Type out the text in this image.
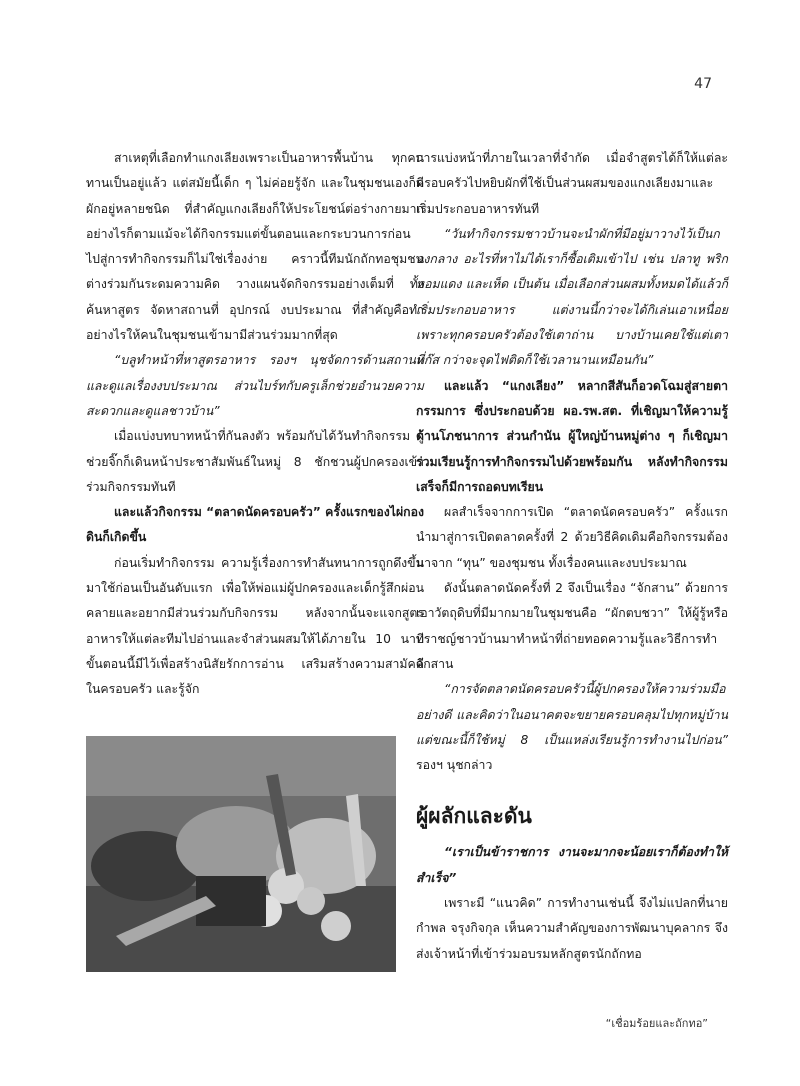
47

สาเหตุที่เลือกทำแกงเลียงเพราะเป็นอาหารพื้นบ้าน ทุกคนทานเป็นอยู่แล้ว แต่สมัยนี้เด็ก ๆ ไม่ค่อยรู้จัก และในชุมชนเองก็มีผักอยู่หลายชนิด ที่สำคัญแกงเลียงก็ให้ประโยชน์ต่อร่างกายมาก อย่างไรก็ตามแม้จะได้กิจกรรมแต่ขั้นตอนและกระบวนการก่อนไปสู่การทำกิจกรรมก็ไม่ใช่เรื่องง่าย คราวนี้ทีมนักถักทอชุมชนต่างร่วมกันระดมความคิด วางแผนจัดกิจกรรมอย่างเต็มที่ ทั้งค้นหาสูตร จัดหาสถานที่ อุปกรณ์ งบประมาณ ที่สำคัญคือทำอย่างไรให้คนในชุมชนเข้ามามีส่วนร่วมมากที่สุด

“บลูทำหน้าที่หาสูตรอาหาร รองฯ นุชจัดการด้านสถานที่และดูแลเรื่องงบประมาณ ส่วนไบร์ทกับครูเล็กช่วยอำนวยความสะดวกและดูแลชาวบ้าน”

เมื่อแบ่งบทบาทหน้าที่กันลงตัว พร้อมกับได้วันทำกิจกรรม ผู้ช่วยจิ๊กก็เดินหน้าประชาสัมพันธ์ในหมู่ 8 ชักชวนผู้ปกครองเข้าร่วมกิจกรรมทันที

และแล้วกิจกรรม “ตลาดนัดครอบครัว” ครั้งแรกของไผ่กองดินก็เกิดขึ้น

ก่อนเริ่มทำกิจกรรม ความรู้เรื่องการทำสันทนาการถูกดึงขึ้นมาใช้ก่อนเป็นอันดับแรก เพื่อให้พ่อแม่ผู้ปกครองและเด็กรู้สึกผ่อนคลายและอยากมีส่วนร่วมกับกิจกรรม หลังจากนั้นจะแจกสูตรอาหารให้แต่ละทีมไปอ่านและจำส่วนผสมให้ได้ภายใน 10 นาที ขั้นตอนนี้มีไว้เพื่อสร้างนิสัยรักการอ่าน เสริมสร้างความสามัคคีในครอบครัว และรู้จัก

การแบ่งหน้าที่ภายในเวลาที่จำกัด เมื่อจำสูตรได้ก็ให้แต่ละครอบครัวไปหยิบผักที่ใช้เป็นส่วนผสมของแกงเลียงมาและเริ่มประกอบอาหารทันที

“วันทำกิจกรรมชาวบ้านจะนำผักที่มีอยู่มาวางไว้เป็นกองกลาง อะไรที่หาไม่ได้เราก็ซื้อเติมเข้าไป เช่น ปลาทู พริก หอมแดง และเห็ด เป็นต้น เมื่อเลือกส่วนผสมทั้งหมดได้แล้วก็เริ่มประกอบอาหาร แต่งานนี้กว่าจะได้กิเล่นเอาเหนื่อย เพราะทุกครอบครัวต้องใช้เตาถ่าน บางบ้านเคยใช้แต่เตาแก๊ส กว่าจะจุดไฟติดก็ใช้เวลานานเหมือนกัน”

และแล้ว “แกงเลียง” หลากสีสันก็อวดโฉมสู่สายตากรรมการ ซึ่งประกอบด้วย ผอ.รพ.สต. ที่เชิญมาให้ความรู้ด้านโภชนาการ ส่วนกำนัน ผู้ใหญ่บ้านหมู่ต่าง ๆ ก็เชิญมาร่วมเรียนรู้การทำกิจกรรมไปด้วยพร้อมกัน หลังทำกิจกรรมเสร็จก็มีการถอดบทเรียน

ผลสำเร็จจากการเปิด “ตลาดนัดครอบครัว” ครั้งแรก นำมาสู่การเปิดตลาดครั้งที่ 2 ด้วยวิธีคิดเดิมคือกิจกรรมต้องมาจาก “ทุน” ของชุมชน ทั้งเรื่องคนและงบประมาณ

ดังนั้นตลาดนัดครั้งที่ 2 จึงเป็นเรื่อง “จักสาน” ด้วยการเอาวัตถุดิบที่มีมากมายในชุมชนคือ “ผักตบชวา” ให้ผู้รู้หรือปราชญ์ชาวบ้านมาทำหน้าที่ถ่ายทอดความรู้และวิธีการทำจักสาน

“การจัดตลาดนัดครอบครัวนี้ผู้ปกครองให้ความร่วมมืออย่างดี และคิดว่าในอนาคตจะขยายครอบคลุมไปทุกหมู่บ้าน แต่ขณะนี้ก็ใช้หมู่ 8 เป็นแหล่งเรียนรู้การทำงานไปก่อน” รองฯ นุชกล่าว

ผู้ผลักและดัน

“เราเป็นข้าราชการ งานจะมากจะน้อยเราก็ต้องทำให้สำเร็จ”

เพราะมี “แนวคิด” การทำงานเช่นนี้ จึงไม่แปลกที่นายกำพล จรุงกิจกุล เห็นความสำคัญของการพัฒนาบุคลากร จึงส่งเจ้าหน้าที่เข้าร่วมอบรมหลักสูตรนักถักทอ

“เชื่อมร้อยและถักทอ”
